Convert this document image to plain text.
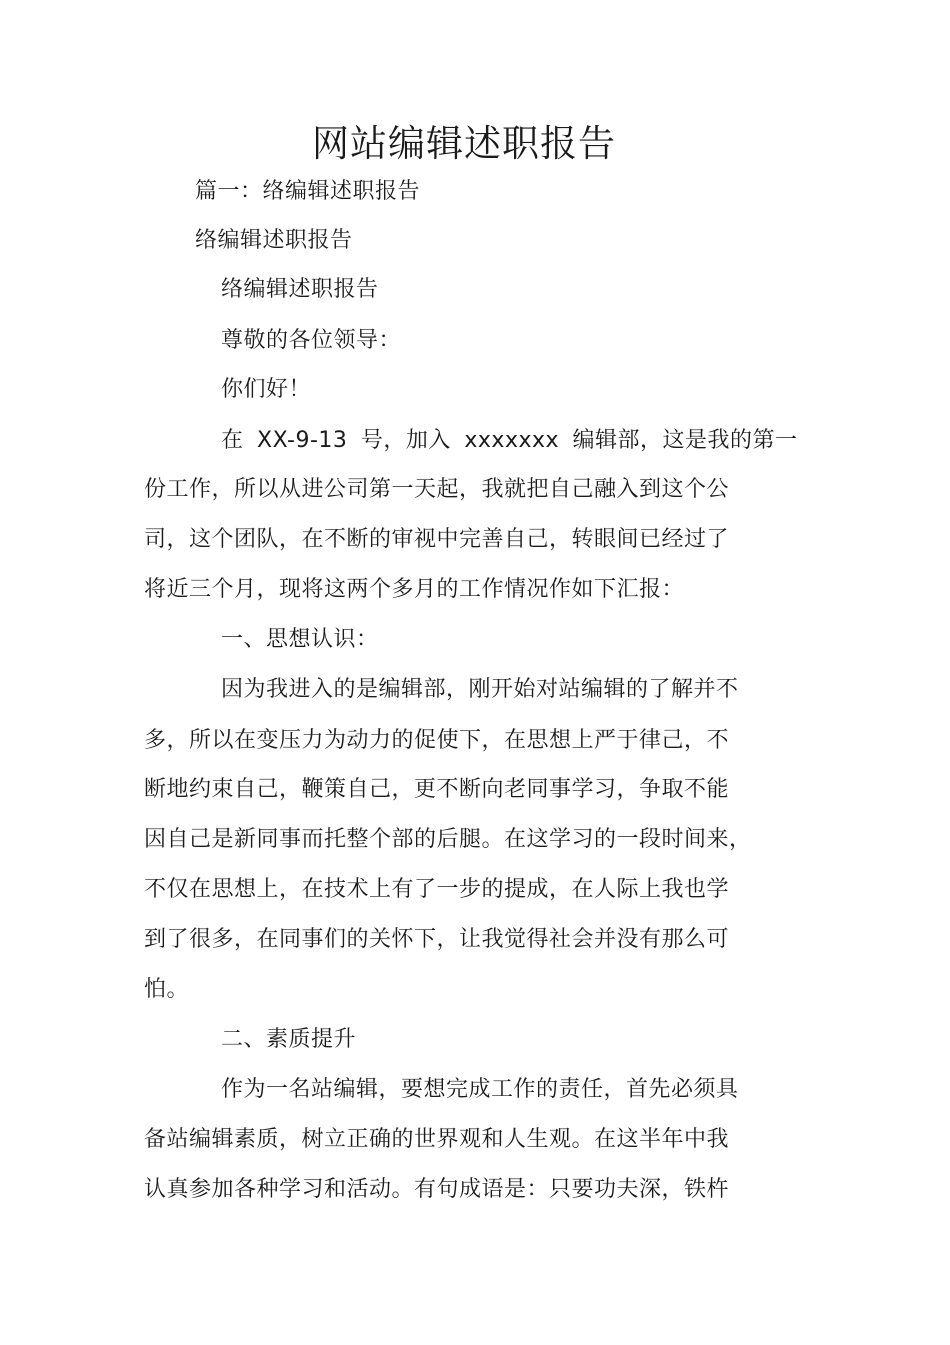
网站编辑述职报告

篇一：络编辑述职报告

络编辑述职报告

络编辑述职报告

尊敬的各位领导：

你们好！

在 XX-9-13 号，加入 xxxxxxx 编辑部，这是我的第一

份工作，所以从进公司第一天起，我就把自己融入到这个公

司，这个团队，在不断的审视中完善自己，转眼间已经过了

将近三个月，现将这两个多月的工作情况作如下汇报：

一、思想认识：

因为我进入的是编辑部，刚开始对站编辑的了解并不

多，所以在变压力为动力的促使下，在思想上严于律己，不

断地约束自己，鞭策自己，更不断向老同事学习，争取不能

因自己是新同事而托整个部的后腿。在这学习的一段时间来，

不仅在思想上，在技术上有了一步的提成，在人际上我也学

到了很多，在同事们的关怀下，让我觉得社会并没有那么可

怕。

二、素质提升

作为一名站编辑，要想完成工作的责任，首先必须具

备站编辑素质，树立正确的世界观和人生观。在这半年中我

认真参加各种学习和活动。有句成语是：只要功夫深，铁杵
